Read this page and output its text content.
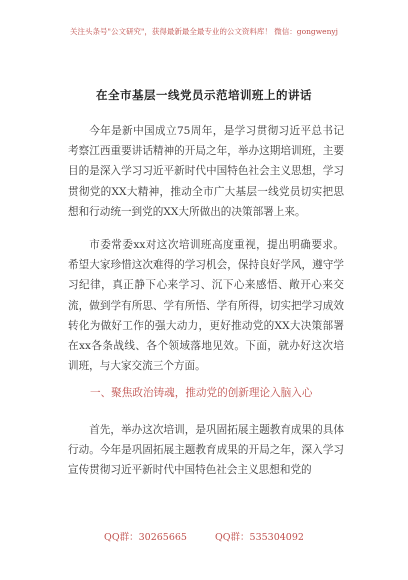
关注头条号"公文研究"，获得最新最全最专业的公文资料库！ 微信：gongwenyj
在全市基层一线党员示范培训班上的讲话

今年是新中国成立75周年，是学习贯彻习近平总书记考察江西重要讲话精神的开局之年，举办这期培训班，主要目的是深入学习习近平新时代中国特色社会主义思想，学习贯彻党的XX大精神，推动全市广大基层一线党员切实把思想和行动统一到党的XX大所做出的决策部署上来。

市委常委xx对这次培训班高度重视，提出明确要求。希望大家珍惜这次难得的学习机会，保持良好学风，遵守学习纪律，真正静下心来学习、沉下心来感悟、敞开心来交流，做到学有所思、学有所悟、学有所得，切实把学习成效转化为做好工作的强大动力，更好推动党的XX大决策部署在xx各条战线、各个领域落地见效。下面，就办好这次培训班，与大家交流三个方面。

一、聚焦政治铸魂，推动党的创新理论入脑入心

首先，举办这次培训，是巩固拓展主题教育成果的具体行动。今年是巩固拓展主题教育成果的开局之年，深入学习宣传贯彻习近平新时代中国特色社会主义思想和党的

QQ群：30265665	QQ群：535304092
